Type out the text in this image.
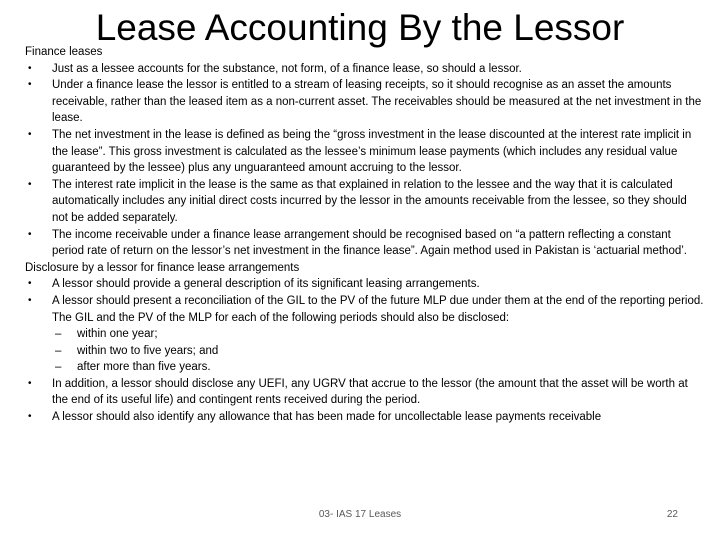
Lease Accounting By the Lessor
Finance leases
• Just as a lessee accounts for the substance, not form, of a finance lease, so should a lessor.
• Under a finance lease the lessor is entitled to a stream of leasing receipts, so it should recognise as an asset the amounts receivable, rather than the leased item as a non-current asset. The receivables should be measured at the net investment in the lease.
• The net investment in the lease is defined as being the “gross investment in the lease discounted at the interest rate implicit in the lease”. This gross investment is calculated as the lessee’s minimum lease payments (which includes any residual value guaranteed by the lessee) plus any unguaranteed amount accruing to the lessor.
• The interest rate implicit in the lease is the same as that explained in relation to the lessee and the way that it is calculated automatically includes any initial direct costs incurred by the lessor in the amounts receivable from the lessee, so they should not be added separately.
• The income receivable under a finance lease arrangement should be recognised based on “a pattern reflecting a constant period rate of return on the lessor’s net investment in the finance lease”. Again method used in Pakistan is ‘actuarial method’.
Disclosure by a lessor for finance lease arrangements
• A lessor should provide a general description of its significant leasing arrangements.
• A lessor should present a reconciliation of the GIL to the PV of the future MLP due under them at the end of the reporting period. The GIL and the PV of the MLP for each of the following periods should also be disclosed:
– within one year;
– within two to five years; and
– after more than five years.
• In addition, a lessor should disclose any UEFI, any UGRV that accrue to the lessor (the amount that the asset will be worth at the end of its useful life) and contingent rents received during the period.
• A lessor should also identify any allowance that has been made for uncollectable lease payments receivable
03- IAS 17 Leases	22
